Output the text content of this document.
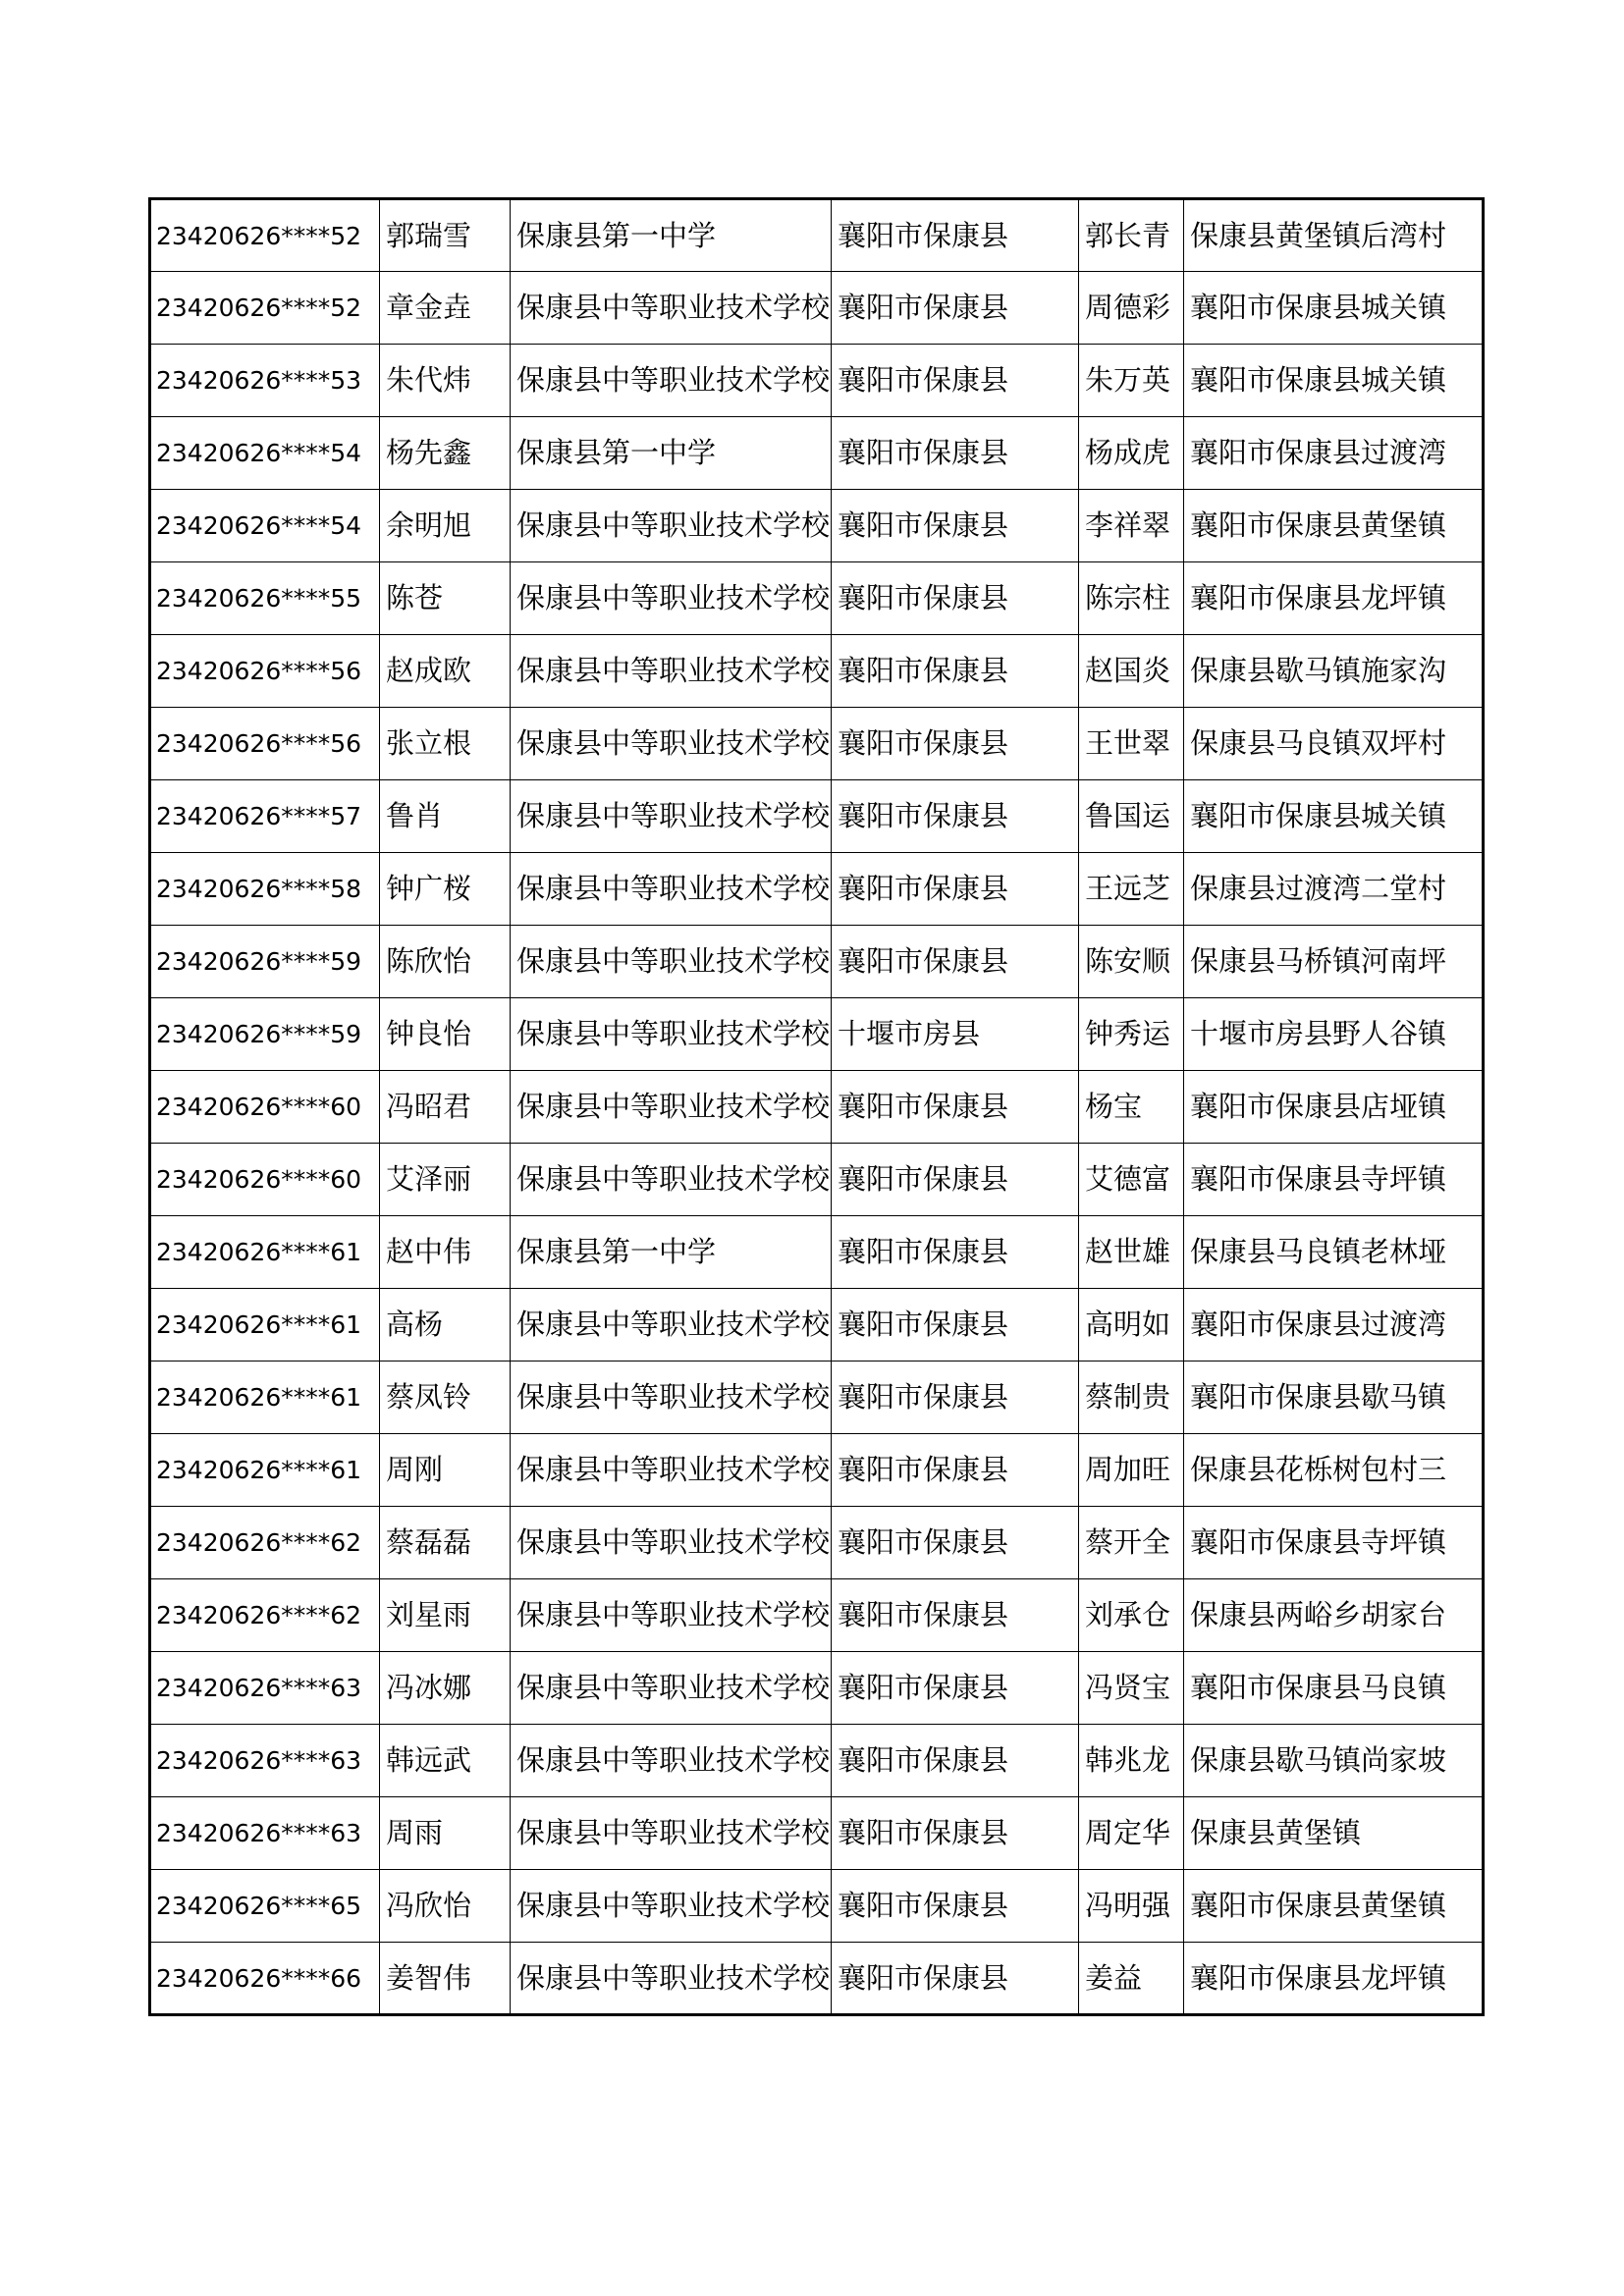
23420626****52	郭瑞雪	保康县第一中学	襄阳市保康县	郭长青	保康县黄堡镇后湾村
23420626****52	章金垚	保康县中等职业技术学校	襄阳市保康县	周德彩	襄阳市保康县城关镇
23420626****53	朱代炜	保康县中等职业技术学校	襄阳市保康县	朱万英	襄阳市保康县城关镇
23420626****54	杨先鑫	保康县第一中学	襄阳市保康县	杨成虎	襄阳市保康县过渡湾
23420626****54	余明旭	保康县中等职业技术学校	襄阳市保康县	李祥翠	襄阳市保康县黄堡镇
23420626****55	陈苍	保康县中等职业技术学校	襄阳市保康县	陈宗柱	襄阳市保康县龙坪镇
23420626****56	赵成欧	保康县中等职业技术学校	襄阳市保康县	赵国炎	保康县歇马镇施家沟
23420626****56	张立根	保康县中等职业技术学校	襄阳市保康县	王世翠	保康县马良镇双坪村
23420626****57	鲁肖	保康县中等职业技术学校	襄阳市保康县	鲁国运	襄阳市保康县城关镇
23420626****58	钟广桜	保康县中等职业技术学校	襄阳市保康县	王远芝	保康县过渡湾二堂村
23420626****59	陈欣怡	保康县中等职业技术学校	襄阳市保康县	陈安顺	保康县马桥镇河南坪
23420626****59	钟良怡	保康县中等职业技术学校	十堰市房县	钟秀运	十堰市房县野人谷镇
23420626****60	冯昭君	保康县中等职业技术学校	襄阳市保康县	杨宝	襄阳市保康县店垭镇
23420626****60	艾泽丽	保康县中等职业技术学校	襄阳市保康县	艾德富	襄阳市保康县寺坪镇
23420626****61	赵中伟	保康县第一中学	襄阳市保康县	赵世雄	保康县马良镇老林垭
23420626****61	高杨	保康县中等职业技术学校	襄阳市保康县	高明如	襄阳市保康县过渡湾
23420626****61	蔡凤铃	保康县中等职业技术学校	襄阳市保康县	蔡制贵	襄阳市保康县歇马镇
23420626****61	周刚	保康县中等职业技术学校	襄阳市保康县	周加旺	保康县花栎树包村三
23420626****62	蔡磊磊	保康县中等职业技术学校	襄阳市保康县	蔡开全	襄阳市保康县寺坪镇
23420626****62	刘星雨	保康县中等职业技术学校	襄阳市保康县	刘承仓	保康县两峪乡胡家台
23420626****63	冯冰娜	保康县中等职业技术学校	襄阳市保康县	冯贤宝	襄阳市保康县马良镇
23420626****63	韩远武	保康县中等职业技术学校	襄阳市保康县	韩兆龙	保康县歇马镇尚家坡
23420626****63	周雨	保康县中等职业技术学校	襄阳市保康县	周定华	保康县黄堡镇
23420626****65	冯欣怡	保康县中等职业技术学校	襄阳市保康县	冯明强	襄阳市保康县黄堡镇
23420626****66	姜智伟	保康县中等职业技术学校	襄阳市保康县	姜益	襄阳市保康县龙坪镇
